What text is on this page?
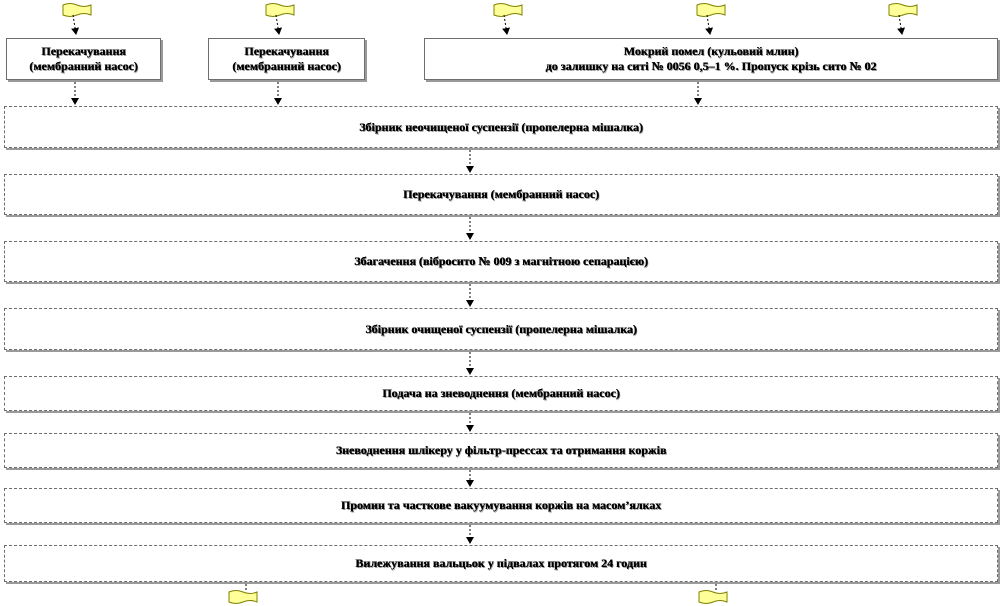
Перекачування
(мембранний насос)
Перекачування
(мембранний насос)
Мокрий помел (кульовий млин)
до залишку на ситі № 0056 0,5–1 %. Пропуск крізь сито № 02
Збірник неочищеної суспензії (пропелерна мішалка)
Перекачування (мембранний насос)
Збагачення (вібросито № 009 з магнітною сепарацією)
Збірник очищеної суспензії (пропелерна мішалка)
Подача на зневоднення (мембранний насос)
Зневоднення шлікеру у фільтр-прессах та отримання коржів
Промин та часткове вакуумування коржів на масом’ялках
Вилежування вальцьок у підвалах протягом 24 годин
